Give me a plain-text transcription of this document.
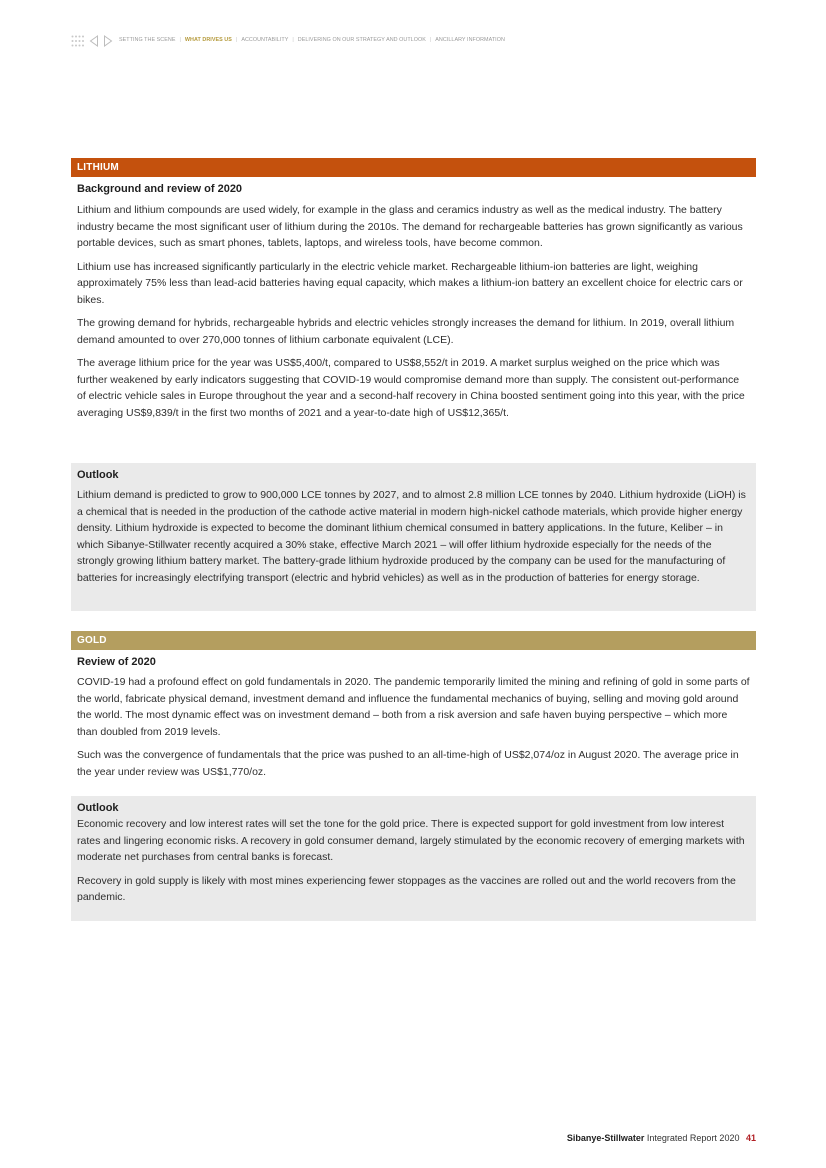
SETTING THE SCENE | WHAT DRIVES US | ACCOUNTABILITY | DELIVERING ON OUR STRATEGY AND OUTLOOK | ANCILLARY INFORMATION
LITHIUM
Background and review of 2020

Lithium and lithium compounds are used widely, for example in the glass and ceramics industry as well as the medical industry. The battery industry became the most significant user of lithium during the 2010s. The demand for rechargeable batteries has grown significantly as various portable devices, such as smart phones, tablets, laptops, and wireless tools, have become common.

Lithium use has increased significantly particularly in the electric vehicle market. Rechargeable lithium-ion batteries are light, weighing approximately 75% less than lead-acid batteries having equal capacity, which makes a lithium-ion battery an excellent choice for electric cars or bikes.

The growing demand for hybrids, rechargeable hybrids and electric vehicles strongly increases the demand for lithium. In 2019, overall lithium demand amounted to over 270,000 tonnes of lithium carbonate equivalent (LCE).

The average lithium price for the year was US$5,400/t, compared to US$8,552/t in 2019. A market surplus weighed on the price which was further weakened by early indicators suggesting that COVID-19 would compromise demand more than supply. The consistent out-performance of electric vehicle sales in Europe throughout the year and a second-half recovery in China boosted sentiment going into this year, with the price averaging US$9,839/t in the first two months of 2021 and a year-to-date high of US$12,365/t.

Outlook

Lithium demand is predicted to grow to 900,000 LCE tonnes by 2027, and to almost 2.8 million LCE tonnes by 2040. Lithium hydroxide (LiOH) is a chemical that is needed in the production of the cathode active material in modern high-nickel cathode materials, which provide higher energy density. Lithium hydroxide is expected to become the dominant lithium chemical consumed in battery applications. In the future, Keliber – in which Sibanye-Stillwater recently acquired a 30% stake, effective March 2021 – will offer lithium hydroxide especially for the needs of the strongly growing lithium battery market. The battery-grade lithium hydroxide produced by the company can be used for the manufacturing of batteries for increasingly electrifying transport (electric and hybrid vehicles) as well as in the production of batteries for energy storage.

GOLD
Review of 2020

COVID-19 had a profound effect on gold fundamentals in 2020. The pandemic temporarily limited the mining and refining of gold in some parts of the world, fabricate physical demand, investment demand and influence the fundamental mechanics of buying, selling and moving gold around the world. The most dynamic effect was on investment demand – both from a risk aversion and safe haven buying perspective – which more than doubled from 2019 levels.

Such was the convergence of fundamentals that the price was pushed to an all-time-high of US$2,074/oz in August 2020. The average price in the year under review was US$1,770/oz.

Outlook

Economic recovery and low interest rates will set the tone for the gold price. There is expected support for gold investment from low interest rates and lingering economic risks. A recovery in gold consumer demand, largely stimulated by the economic recovery of emerging markets with moderate net purchases from central banks is forecast.

Recovery in gold supply is likely with most mines experiencing fewer stoppages as the vaccines are rolled out and the world recovers from the pandemic.

Sibanye-Stillwater Integrated Report 2020 41
